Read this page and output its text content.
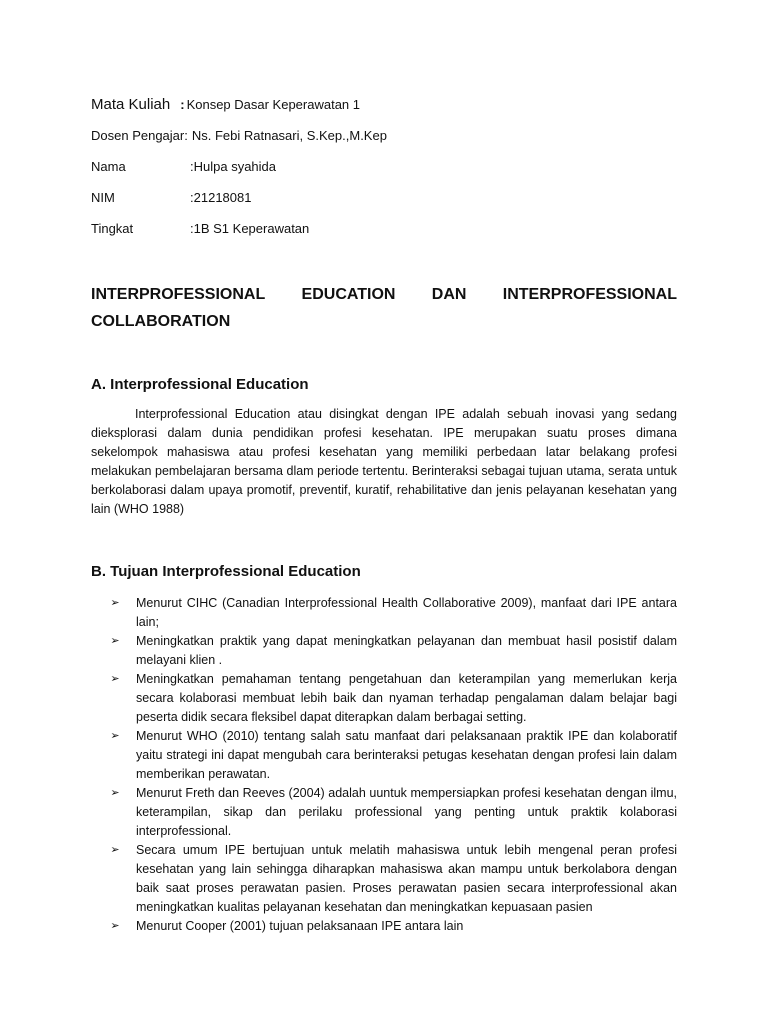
Mata Kuliah : Konsep Dasar Keperawatan 1
Dosen Pengajar : Ns. Febi Ratnasari, S.Kep.,M.Kep
Nama	: Hulpa syahida
NIM	: 21218081
Tingkat	: 1B S1 Keperawatan
INTERPROFESSIONAL EDUCATION DAN INTERPROFESSIONAL
COLLABORATION
A. Interprofessional Education

Interprofessional Education atau disingkat dengan IPE adalah sebuah inovasi yang sedang dieksplorasi dalam dunia pendidikan profesi kesehatan. IPE merupakan suatu proses dimana sekelompok mahasiswa atau profesi kesehatan yang memiliki perbedaan latar belakang profesi melakukan pembelajaran bersama dlam periode tertentu. Berinteraksi sebagai tujuan utama, serata untuk berkolaborasi dalam upaya promotif, preventif, kuratif, rehabilitative dan jenis pelayanan kesehatan yang lain (WHO 1988)

B. Tujuan Interprofessional Education
➢ Menurut CIHC (Canadian Interprofessional Health Collaborative 2009), manfaat dari IPE antara lain;
➢ Meningkatkan praktik yang dapat meningkatkan pelayanan dan membuat hasil posistif dalam melayani klien .
➢ Meningkatkan pemahaman tentang pengetahuan dan keterampilan yang memerlukan kerja secara kolaborasi membuat lebih baik dan nyaman terhadap pengalaman dalam belajar bagi peserta didik secara fleksibel dapat diterapkan dalam berbagai setting.
➢ Menurut WHO (2010) tentang salah satu manfaat dari pelaksanaan praktik IPE dan kolaboratif yaitu strategi ini dapat mengubah cara berinteraksi petugas kesehatan dengan profesi lain dalam memberikan perawatan.
➢ Menurut Freth dan Reeves (2004) adalah uuntuk mempersiapkan profesi kesehatan dengan ilmu, keterampilan, sikap dan perilaku professional yang penting untuk praktik kolaborasi interprofessional.
➢ Secara umum IPE bertujuan untuk melatih mahasiswa untuk lebih mengenal peran profesi kesehatan yang lain sehingga diharapkan mahasiswa akan mampu untuk berkolabora dengan baik saat proses perawatan pasien. Proses perawatan pasien secara interprofessional akan meningkatkan kualitas pelayanan kesehatan dan meningkatkan kepuasaan pasien
➢ Menurut Cooper (2001) tujuan pelaksanaan IPE antara lain
